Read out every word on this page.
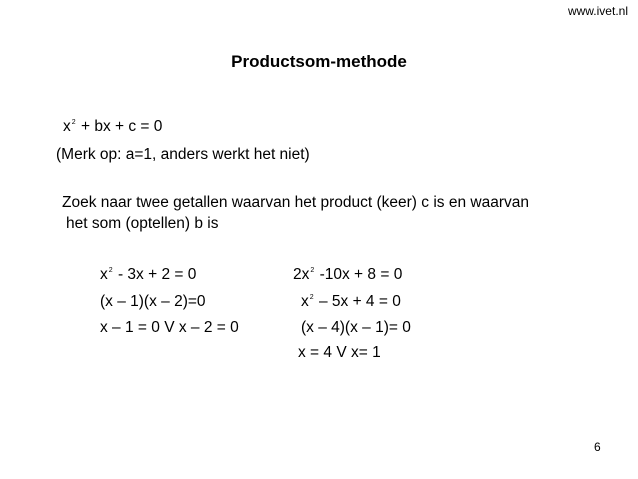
www.ivet.nl
Productsom-methode
$x^2$ + bx + c = 0
(Merk op: a=1, anders werkt het niet)
Zoek naar twee getallen waarvan het product (keer) c is en waarvan
het som (optellen) b is
$x^2 - 3x + 2 = 0$
(x – 1)(x – 2)=0
x – 1 = 0 V x – 2 = 0
$2x^2$ -10x + 8 = 0
$x^2 - 5x + 4 = 0$
(x – 4)(x – 1)= 0
x = 4 V x= 1
6
